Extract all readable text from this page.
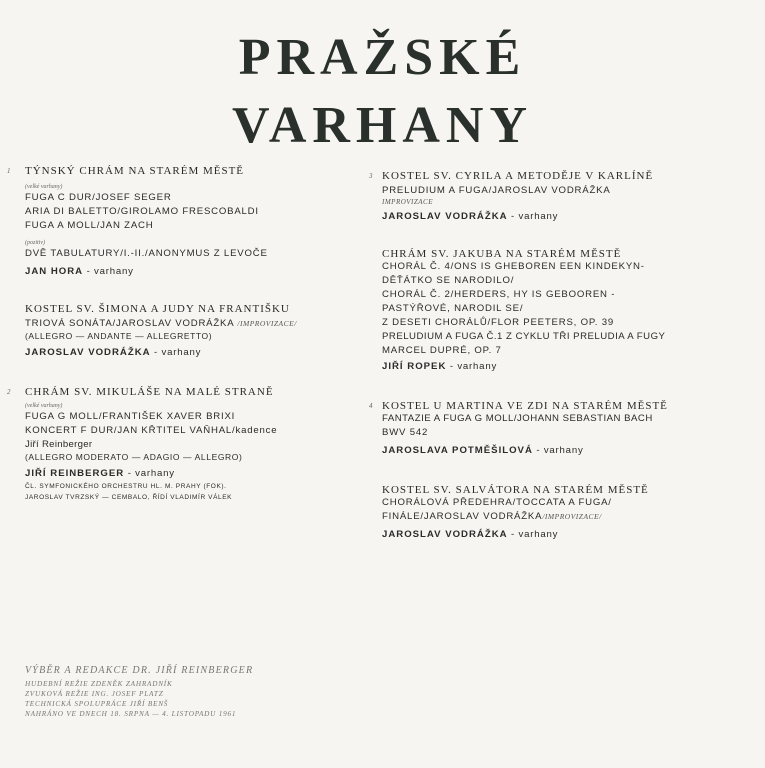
PRAŽSKÉ
VARHANY
1 TÝNSKÝ CHRÁM NA STARÉM MĚSTĚ

(velké varhany)

FUGA C DUR/JOSEF SEGER

ARIA DI BALETTO/GIROLAMO FRESCOBALDI

FUGA A MOLL/JAN ZACH

(pozitiv)

DVĚ TABULATURY/I.-II./ANONYMUS Z LEVOČE

JAN HORA - varhany

KOSTEL SV. ŠIMONA A JUDY NA FRANTIŠKU

TRIOVÁ SONÁTA/JAROSLAV VODRÁŽKA /IMPROVIZACE/

(ALLEGRO — ANDANTE — ALLEGRETTO)

JAROSLAV VODRÁŽKA - varhany

2 CHRÁM SV. MIKULÁŠE NA MALÉ STRANĚ

(velké varhany)

FUGA G MOLL/FRANTIŠEK XAVER BRIXI

KONCERT F DUR/JAN KŘTITEL VAŇHAL/kadence

Jiří Reinberger

(ALLEGRO MODERATO — ADAGIO — ALLEGRO)

JIŘÍ REINBERGER - varhany

ČL. SYMFONICKÉHO ORCHESTRU HL. M. PRAHY (FOK).

JAROSLAV TVRZSKÝ — CEMBALO, ŘÍDÍ VLADIMÍR VÁLEK

3 KOSTEL SV. CYRILA A METODĚJE V KARLÍNĚ

PRELUDIUM A FUGA/JAROSLAV VODRÁŽKA

IMPROVIZACE

JAROSLAV VODRÁŽKA - varhany

CHRÁM SV. JAKUBA NA STARÉM MĚSTĚ

CHORÁL Č. 4/ONS IS GHEBOREN EEN KINDEKYN-

DĚŤÁTKO SE NARODILO/

CHORÁL Č. 2/HERDERS, HY IS GEBOOREN -

PASTÝŘOVÉ, NARODIL SE/

Z DESETI CHORÁLŮ/FLOR PEETERS, OP. 39

PRELUDIUM A FUGA Č.1 Z CYKLU TŘI PRELUDIA A FUGY

MARCEL DUPRÉ, OP. 7

JIŘÍ ROPEK - varhany

4 KOSTEL U MARTINA VE ZDI NA STARÉM MĚSTĚ

FANTAZIE A FUGA G MOLL/JOHANN SEBASTIAN BACH

BWV 542

JAROSLAVA POTMĚŠILOVÁ - varhany

KOSTEL SV. SALVÁTORA NA STARÉM MĚSTĚ

CHORÁLOVÁ PŘEDEHRA/TOCCATA A FUGA/

FINÁLE/JAROSLAV VODRÁŽKA/IMPROVIZACE/

JAROSLAV VODRÁŽKA - varhany

VÝBĚR A REDAKCE DR. JIŘÍ REINBERGER

HUDEBNÍ REŽIE ZDENĚK ZAHRADNÍK

ZVUKOVÁ REŽIE ING. JOSEF PLATZ

TECHNICKÁ SPOLUPRÁCE JIŘÍ BENŠ

NAHRÁNO VE DNECH 18. SRPNA — 4. LISTOPADU 1961
